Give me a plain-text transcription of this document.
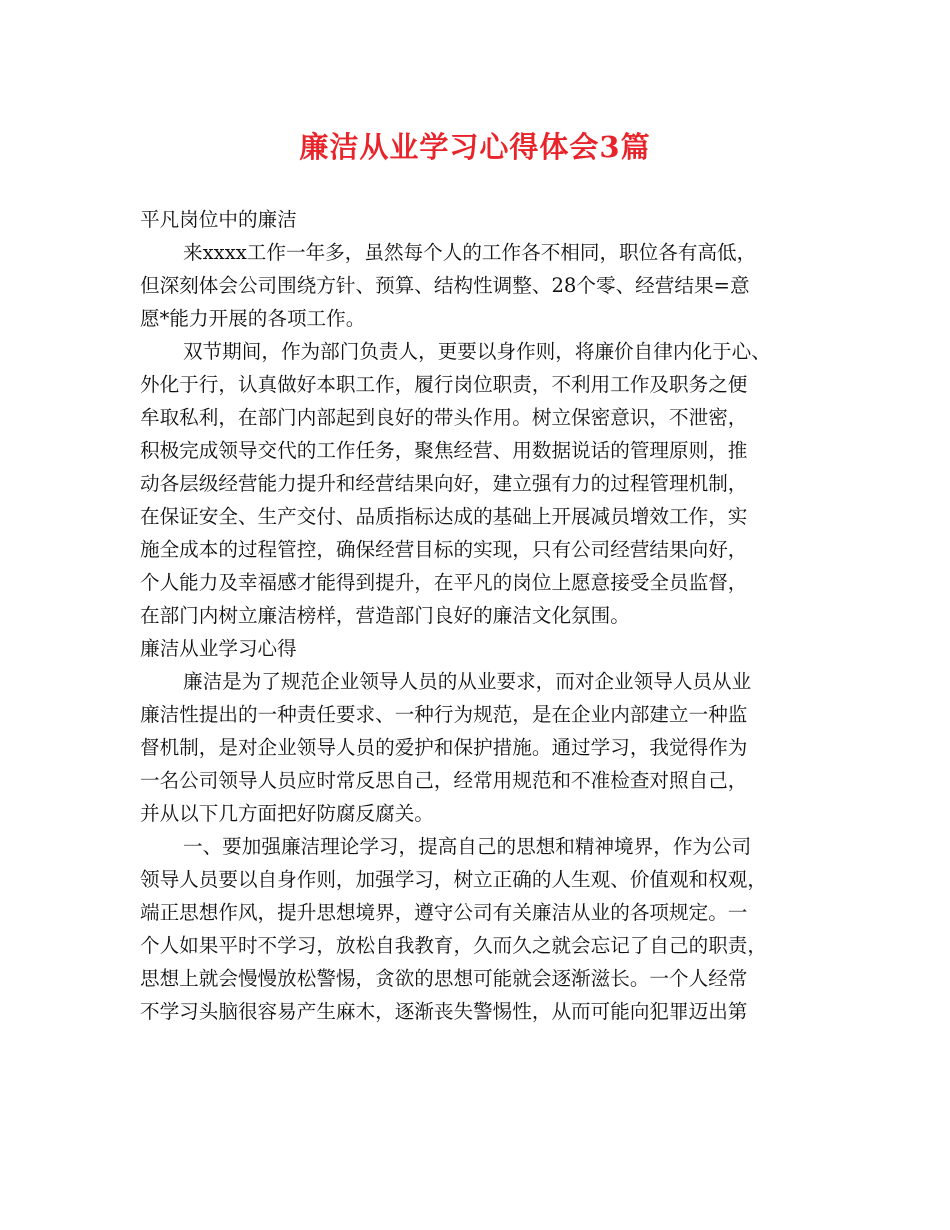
廉洁从业学习心得体会3篇
平凡岗位中的廉洁
来xxxx工作一年多，虽然每个人的工作各不相同，职位各有高低，
但深刻体会公司围绕方针、预算、结构性调整、28个零、经营结果=意
愿*能力开展的各项工作。
双节期间，作为部门负责人，更要以身作则，将廉价自律内化于心、
外化于行，认真做好本职工作，履行岗位职责，不利用工作及职务之便
牟取私利，在部门内部起到良好的带头作用。树立保密意识，不泄密，
积极完成领导交代的工作任务，聚焦经营、用数据说话的管理原则，推
动各层级经营能力提升和经营结果向好，建立强有力的过程管理机制，
在保证安全、生产交付、品质指标达成的基础上开展减员增效工作，实
施全成本的过程管控，确保经营目标的实现，只有公司经营结果向好，
个人能力及幸福感才能得到提升，在平凡的岗位上愿意接受全员监督，
在部门内树立廉洁榜样，营造部门良好的廉洁文化氛围。
廉洁从业学习心得
廉洁是为了规范企业领导人员的从业要求，而对企业领导人员从业
廉洁性提出的一种责任要求、一种行为规范，是在企业内部建立一种监
督机制，是对企业领导人员的爱护和保护措施。通过学习，我觉得作为
一名公司领导人员应时常反思自己，经常用规范和不准检查对照自己，
并从以下几方面把好防腐反腐关。
一、要加强廉洁理论学习，提高自己的思想和精神境界，作为公司
领导人员要以自身作则，加强学习，树立正确的人生观、价值观和权观，
端正思想作风，提升思想境界，遵守公司有关廉洁从业的各项规定。一
个人如果平时不学习，放松自我教育，久而久之就会忘记了自己的职责，
思想上就会慢慢放松警惕，贪欲的思想可能就会逐渐滋长。一个人经常
不学习头脑很容易产生麻木，逐渐丧失警惕性，从而可能向犯罪迈出第
